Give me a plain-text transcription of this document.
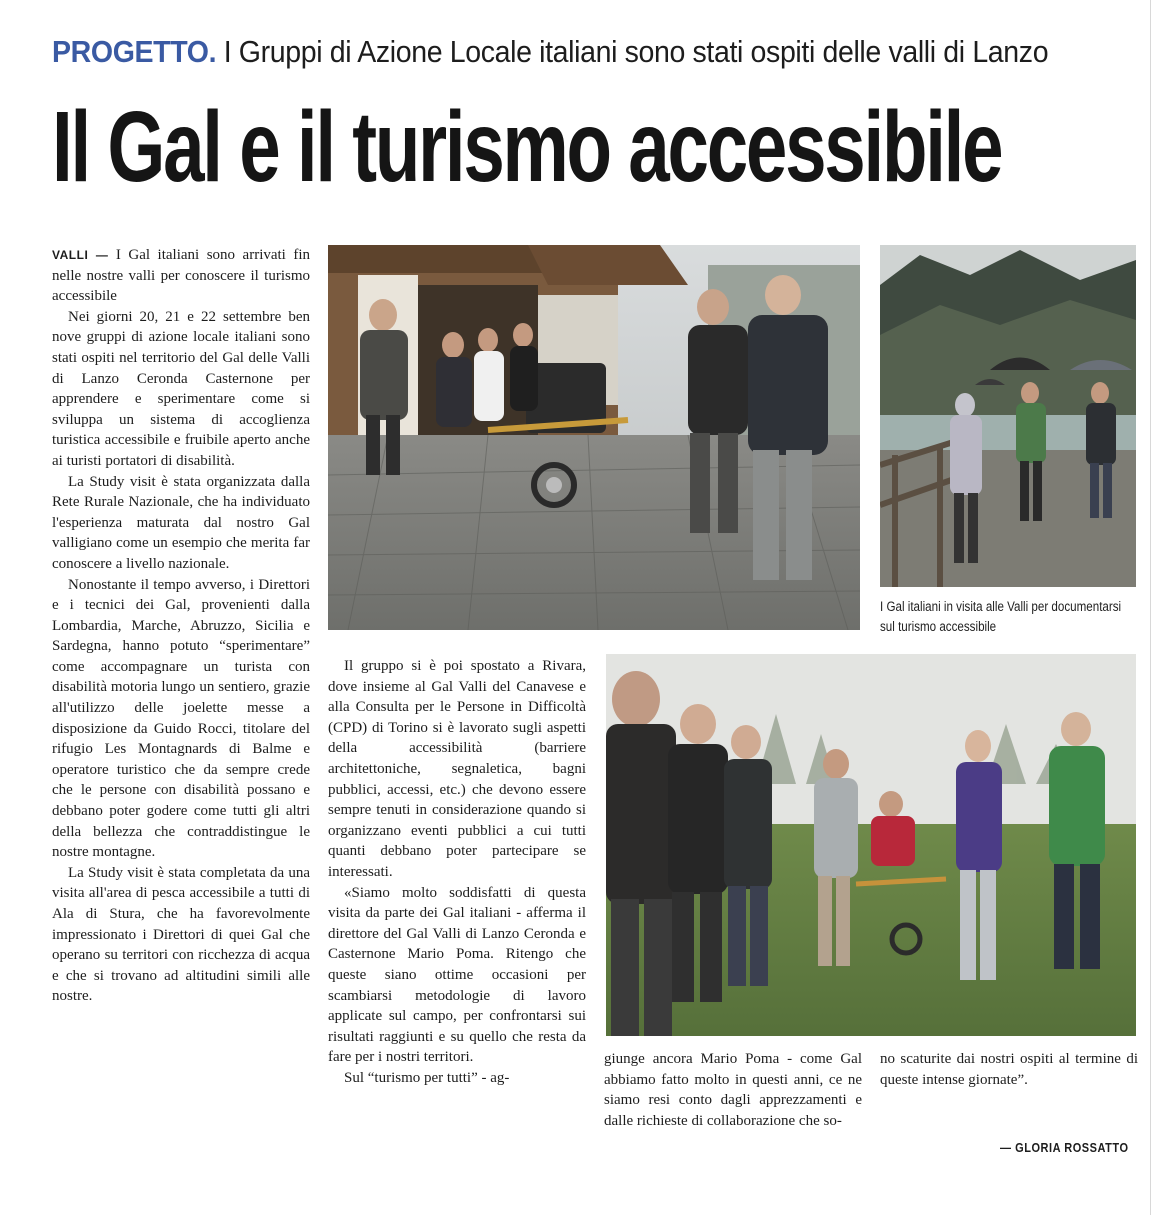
PROGETTO. I Gruppi di Azione Locale italiani sono stati ospiti delle valli di Lanzo
Il Gal e il turismo accessibile

VALLI — I Gal italiani sono arrivati fin nelle nostre valli per conoscere il turismo accessibile

Nei giorni 20, 21 e 22 settembre ben nove gruppi di azione locale italiani sono stati ospiti nel territorio del Gal delle Valli di Lanzo Ceronda Casternone per apprendere e sperimentare come si sviluppa un sistema di accoglienza turistica accessibile e fruibile aperto anche ai turisti portatori di disabilità.

La Study visit è stata organizzata dalla Rete Rurale Nazionale, che ha individuato l'esperienza maturata dal nostro Gal valligiano come un esempio che merita far conoscere a livello nazionale.

Nonostante il tempo avverso, i Direttori e i tecnici dei Gal, provenienti dalla Lombardia, Marche, Abruzzo, Sicilia e Sardegna, hanno potuto “sperimentare” come accompagnare un turista con disabilità motoria lungo un sentiero, grazie all'utilizzo delle joelette messe a disposizione da Guido Rocci, titolare del rifugio Les Montagnards di Balme e operatore turistico che da sempre crede che le persone con disabilità possano e debbano poter godere come tutti gli altri della bellezza che contraddistingue le nostre montagne.

La Study visit è stata completata da una visita all'area di pesca accessibile a tutti di Ala di Stura, che ha favorevolmente impressionato i Direttori di quei Gal che operano su territori con ricchezza di acqua e che si trovano ad altitudini simili alle nostre.

I Gal italiani in visita alle Valli per documentarsi sul turismo accessibile

Il gruppo si è poi spostato a Rivara, dove insieme al Gal Valli del Canavese e alla Consulta per le Persone in Difficoltà (CPD) di Torino si è lavorato sugli aspetti della accessibilità (barriere architettoniche, segnaletica, bagni pubblici, accessi, etc.) che devono essere sempre tenuti in considerazione quando si organizzano eventi pubblici a cui tutti quanti debbano poter partecipare se interessati.

«Siamo molto soddisfatti di questa visita da parte dei Gal italiani - afferma il direttore del Gal Valli di Lanzo Ceronda e Casternone Mario Poma. Ritengo che queste siano ottime occasioni per scambiarsi metodologie di lavoro applicate sul campo, per confrontarsi sui risultati raggiunti e su quello che resta da fare per i nostri territori.

Sul “turismo per tutti” - ag-

giunge ancora Mario Poma - come Gal abbiamo fatto molto in questi anni, ce ne siamo resi conto dagli apprezzamenti e dalle richieste di collaborazione che so-

no scaturite dai nostri ospiti al termine di queste intense giornate”.

— GLORIA ROSSATTO
